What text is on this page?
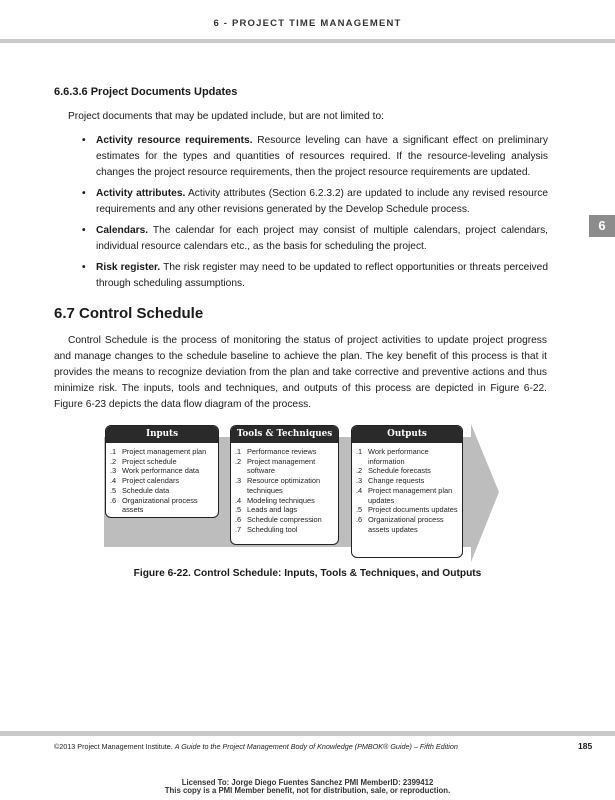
6 - PROJECT TIME MANAGEMENT
6
6.6.3.6 Project Documents Updates
Project documents that may be updated include, but are not limited to:
• Activity resource requirements. Resource leveling can have a significant effect on preliminary estimates for the types and quantities of resources required. If the resource-leveling analysis changes the project resource requirements, then the project resource requirements are updated.
• Activity attributes. Activity attributes (Section 6.2.3.2) are updated to include any revised resource requirements and any other revisions generated by the Develop Schedule process.
• Calendars. The calendar for each project may consist of multiple calendars, project calendars, individual resource calendars etc., as the basis for scheduling the project.
• Risk register. The risk register may need to be updated to reflect opportunities or threats perceived through scheduling assumptions.
6.7 Control Schedule

Control Schedule is the process of monitoring the status of project activities to update project progress and manage changes to the schedule baseline to achieve the plan. The key benefit of this process is that it provides the means to recognize deviation from the plan and take corrective and preventive actions and thus minimize risk. The inputs, tools and techniques, and outputs of this process are depicted in Figure 6-22. Figure 6-23 depicts the data flow diagram of the process.

Inputs
.1 Project management plan
.2 Project schedule
.3 Work performance data
.4 Project calendars
.5 Schedule data
.6 Organizational process assets
Tools & Techniques
.1 Performance reviews
.2 Project management software
.3 Resource optimization techniques
.4 Modeling techniques
.5 Leads and lags
.6 Schedule compression
.7 Scheduling tool
Outputs
.1 Work performance information
.2 Schedule forecasts
.3 Change requests
.4 Project management plan updates
.5 Project documents updates
.6 Organizational process assets updates
Figure 6-22. Control Schedule: Inputs, Tools & Techniques, and Outputs
©2013 Project Management Institute. A Guide to the Project Management Body of Knowledge (PMBOK® Guide) – Fifth Edition	185
Licensed To: Jorge Diego Fuentes Sanchez PMI MemberID: 2399412
This copy is a PMI Member benefit, not for distribution, sale, or reproduction.
